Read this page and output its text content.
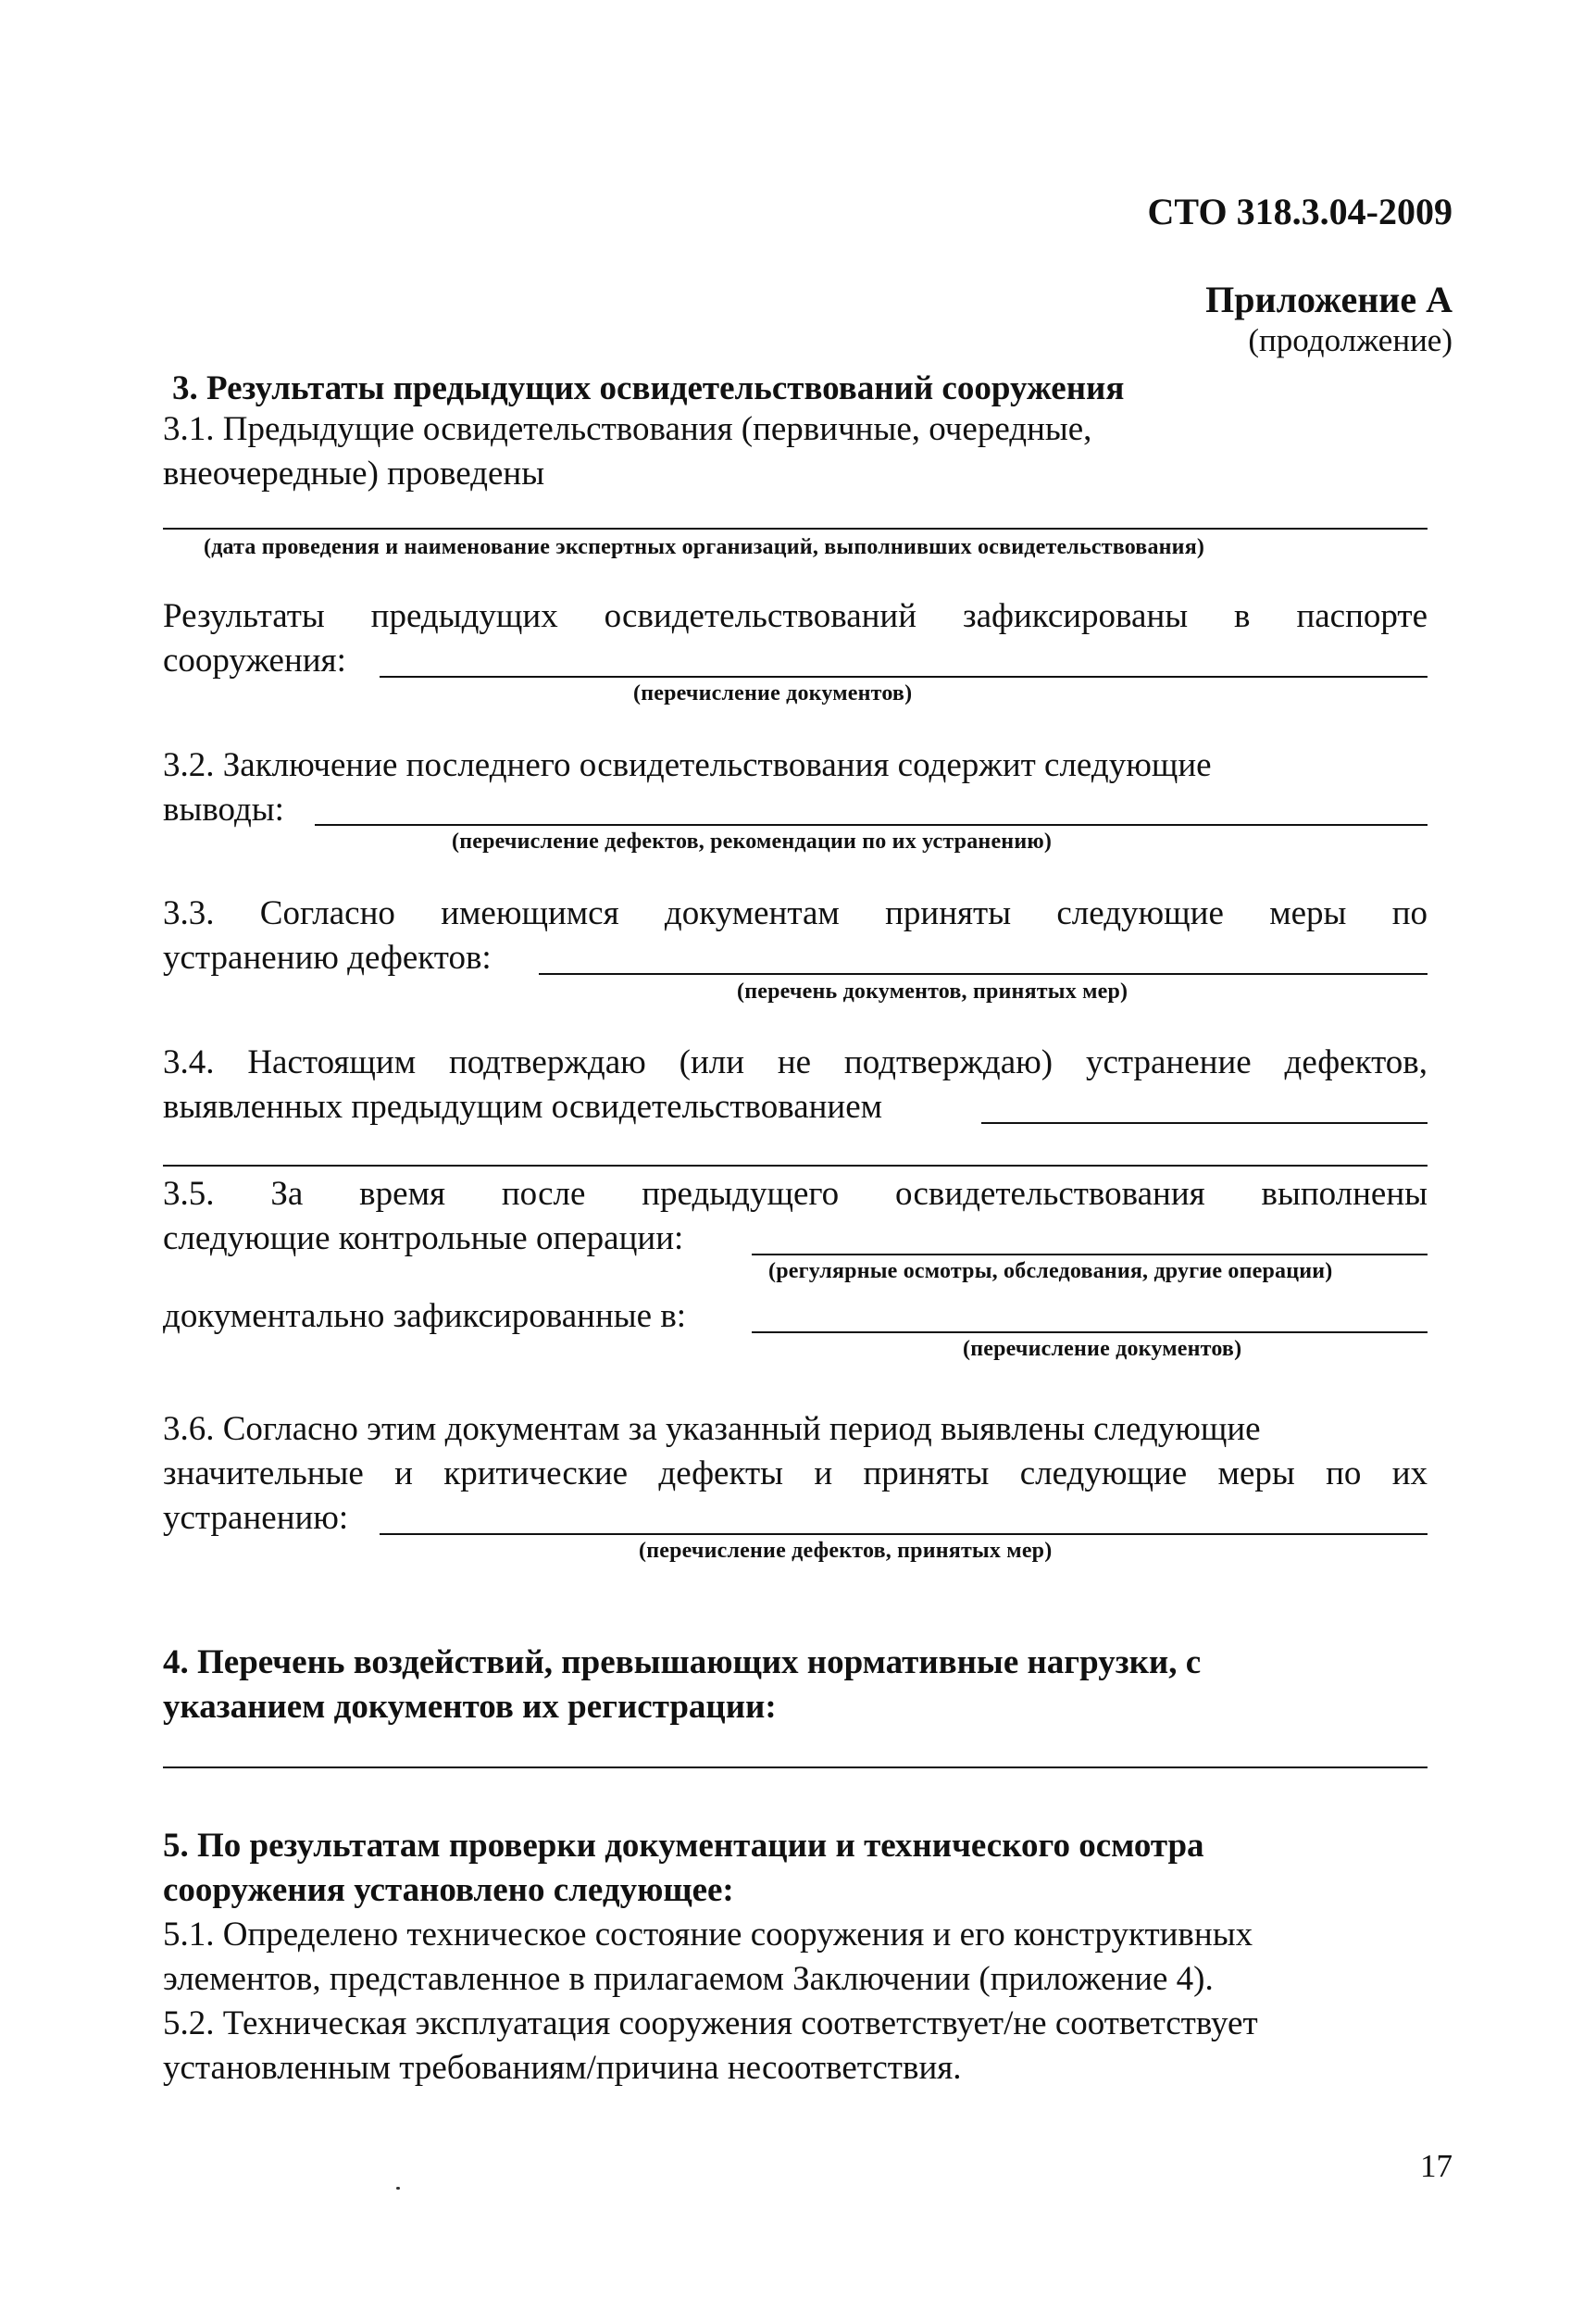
СТО 318.3.04-2009
Приложение А
(продолжение)
3. Результаты предыдущих освидетельствований сооружения
3.1. Предыдущие освидетельствования (первичные, очередные,
внеочередные) проведены
(дата проведения и наименование экспертных организаций, выполнивших освидетельствования)
Результаты предыдущих освидетельствований зафиксированы в паспорте
сооружения:
(перечисление документов)
3.2. Заключение последнего освидетельствования содержит следующие
выводы:
(перечисление дефектов, рекомендации по их устранению)
3.3. Согласно имеющимся документам приняты следующие меры по
устранению дефектов:
(перечень документов, принятых мер)
3.4. Настоящим подтверждаю (или не подтверждаю) устранение дефектов,
выявленных предыдущим освидетельствованием
3.5. За время после предыдущего освидетельствования выполнены
следующие контрольные операции:
(регулярные осмотры, обследования, другие операции)
документально зафиксированные в:
(перечисление документов)
3.6. Согласно этим документам за указанный период выявлены следующие
значительные и критические дефекты и приняты следующие меры по их
устранению:
(перечисление дефектов, принятых мер)
4. Перечень воздействий, превышающих нормативные нагрузки, с
указанием документов их регистрации:
5. По результатам проверки документации и технического осмотра
сооружения установлено следующее:
5.1. Определено техническое состояние сооружения и его конструктивных
элементов, представленное в прилагаемом Заключении (приложение 4).
5.2. Техническая эксплуатация сооружения соответствует/не соответствует
установленным требованиям/причина несоответствия.
17
